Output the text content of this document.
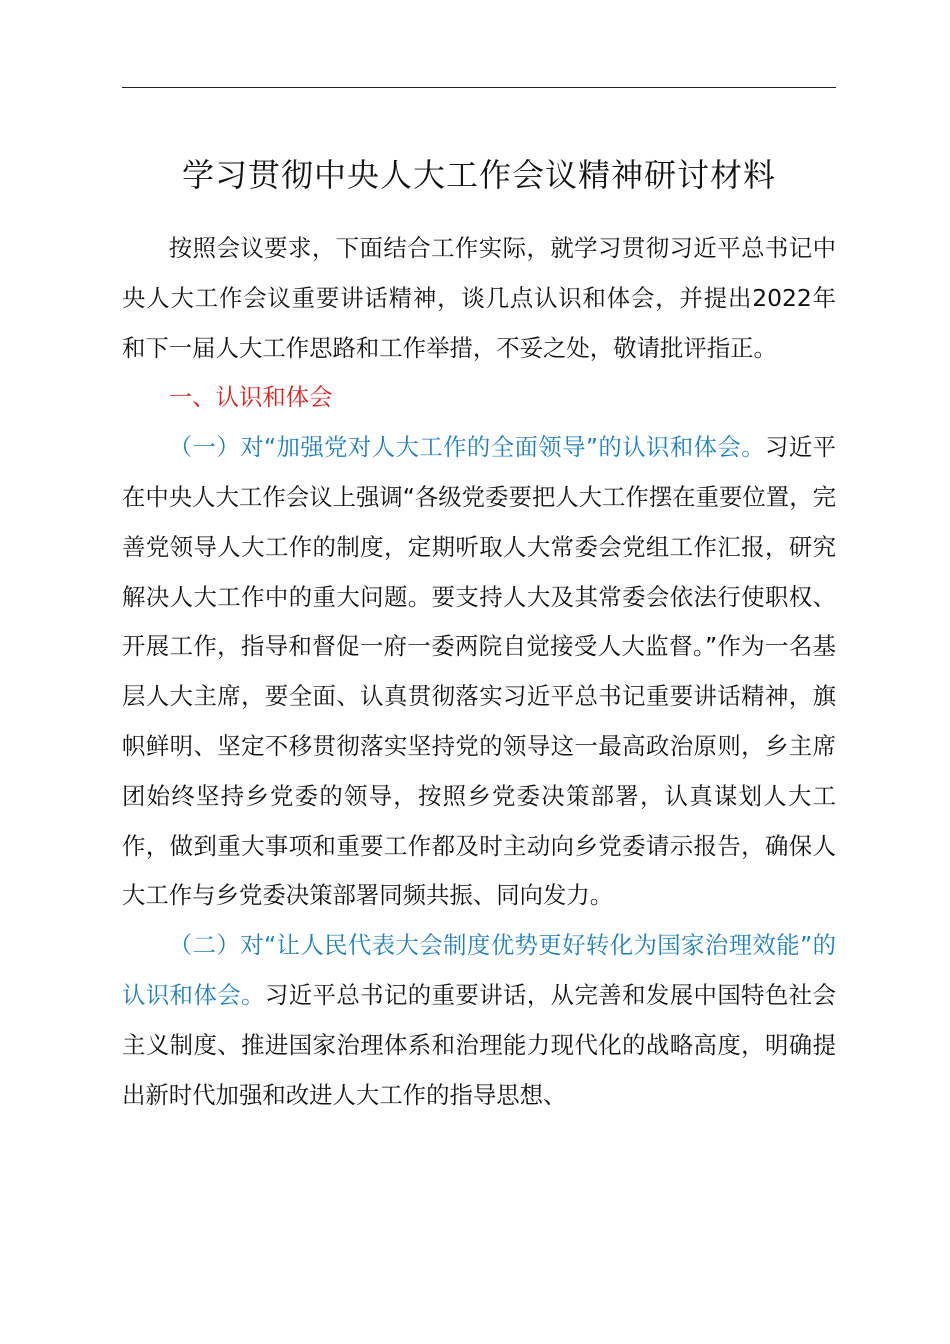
学习贯彻中央人大工作会议精神研讨材料

按照会议要求，下面结合工作实际，就学习贯彻习近平总书记中央人大工作会议重要讲话精神，谈几点认识和体会，并提出2022年和下一届人大工作思路和工作举措，不妥之处，敬请批评指正。

一、认识和体会

（一）对“加强党对人大工作的全面领导”的认识和体会。习近平在中央人大工作会议上强调“各级党委要把人大工作摆在重要位置，完善党领导人大工作的制度，定期听取人大常委会党组工作汇报，研究解决人大工作中的重大问题。要支持人大及其常委会依法行使职权、开展工作，指导和督促一府一委两院自觉接受人大监督。”作为一名基层人大主席，要全面、认真贯彻落实习近平总书记重要讲话精神，旗帜鲜明、坚定不移贯彻落实坚持党的领导这一最高政治原则，乡主席团始终坚持乡党委的领导，按照乡党委决策部署，认真谋划人大工作，做到重大事项和重要工作都及时主动向乡党委请示报告，确保人大工作与乡党委决策部署同频共振、同向发力。

（二）对“让人民代表大会制度优势更好转化为国家治理效能”的认识和体会。习近平总书记的重要讲话，从完善和发展中国特色社会主义制度、推进国家治理体系和治理能力现代化的战略高度，明确提出新时代加强和改进人大工作的指导思想、
